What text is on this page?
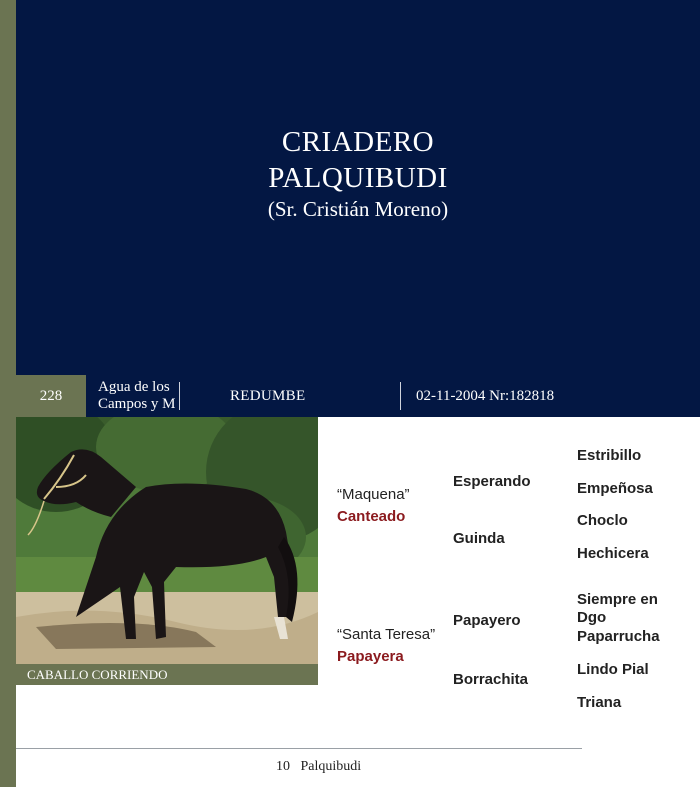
CRIADERO
PALQUIBUDI
(Sr. Cristián Moreno)
228
Agua de los
Campos y M	REDUMBE	02-11-2004 Nr:182818
CABALLO CORRIENDO
“Maquena”
Canteado
Esperando
Guinda
Estribillo
Empeñosa
Choclo
Hechicera
“Santa Teresa”
Papayera
Papayero
Borrachita
Siempre en
Dgo
Paparrucha
Lindo Pial
Triana
10 Palquibudi
